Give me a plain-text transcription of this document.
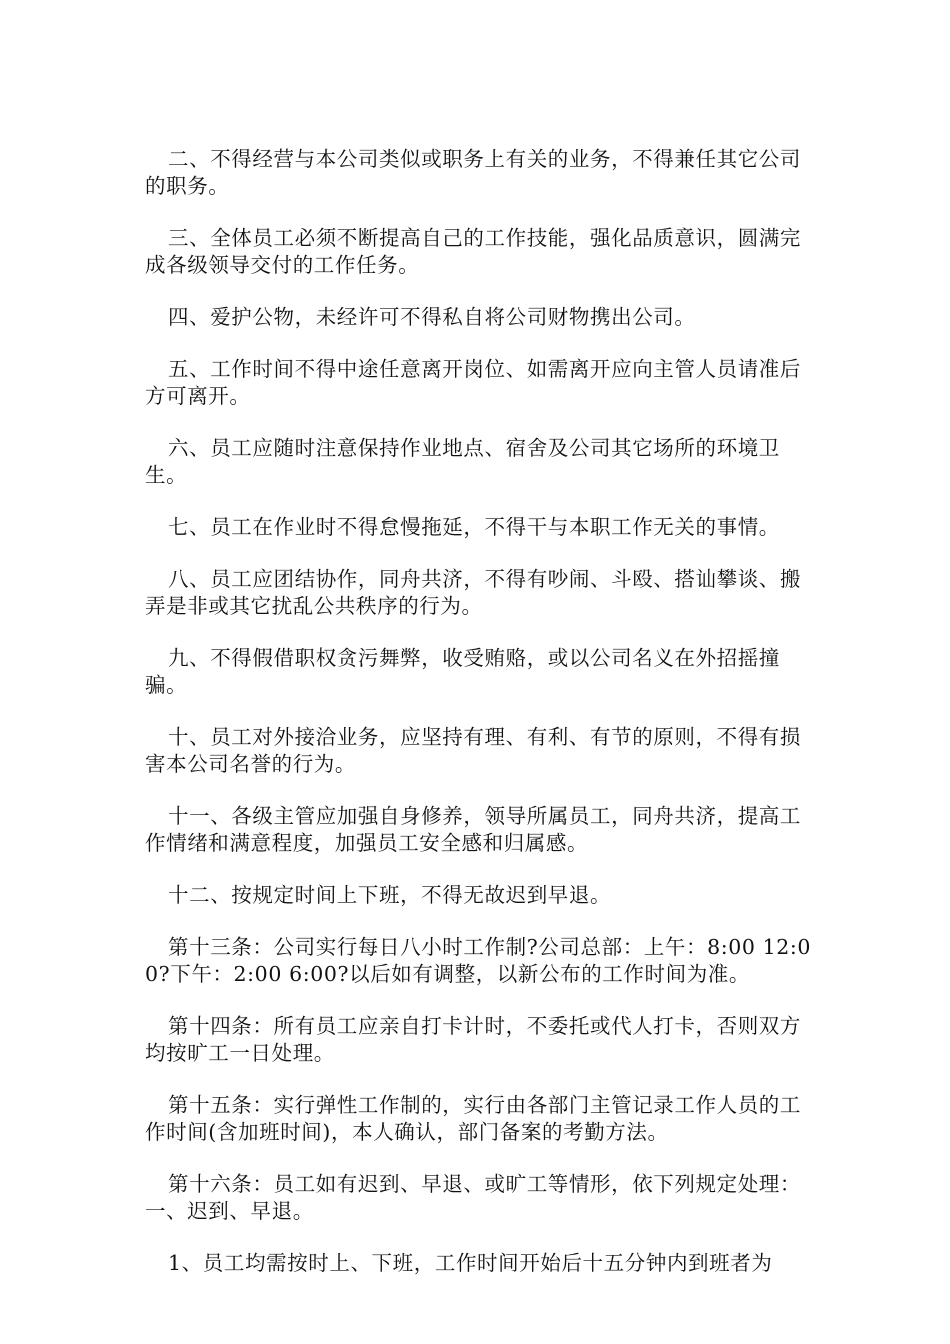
二、不得经营与本公司类似或职务上有关的业务，不得兼任其它公司的职务。

三、全体员工必须不断提高自己的工作技能，强化品质意识，圆满完成各级领导交付的工作任务。

四、爱护公物，未经许可不得私自将公司财物携出公司。

五、工作时间不得中途任意离开岗位、如需离开应向主管人员请准后方可离开。

六、员工应随时注意保持作业地点、宿舍及公司其它场所的环境卫生。

七、员工在作业时不得怠慢拖延，不得干与本职工作无关的事情。

八、员工应团结协作，同舟共济，不得有吵闹、斗殴、搭讪攀谈、搬弄是非或其它扰乱公共秩序的行为。

九、不得假借职权贪污舞弊，收受贿赂，或以公司名义在外招摇撞骗。

十、员工对外接洽业务，应坚持有理、有利、有节的原则，不得有损害本公司名誉的行为。

十一、各级主管应加强自身修养，领导所属员工，同舟共济，提高工作情绪和满意程度，加强员工安全感和归属感。

十二、按规定时间上下班，不得无故迟到早退。

第十三条：公司实行每日八小时工作制?公司总部：上午：8:00 12:00?下午：2:00 6:00?以后如有调整，以新公布的工作时间为准。

第十四条：所有员工应亲自打卡计时，不委托或代人打卡，否则双方均按旷工一日处理。

第十五条：实行弹性工作制的，实行由各部门主管记录工作人员的工作时间(含加班时间)，本人确认，部门备案的考勤方法。

第十六条：员工如有迟到、早退、或旷工等情形，依下列规定处理：一、迟到、早退。

1、员工均需按时上、下班，工作时间开始后十五分钟内到班者为
